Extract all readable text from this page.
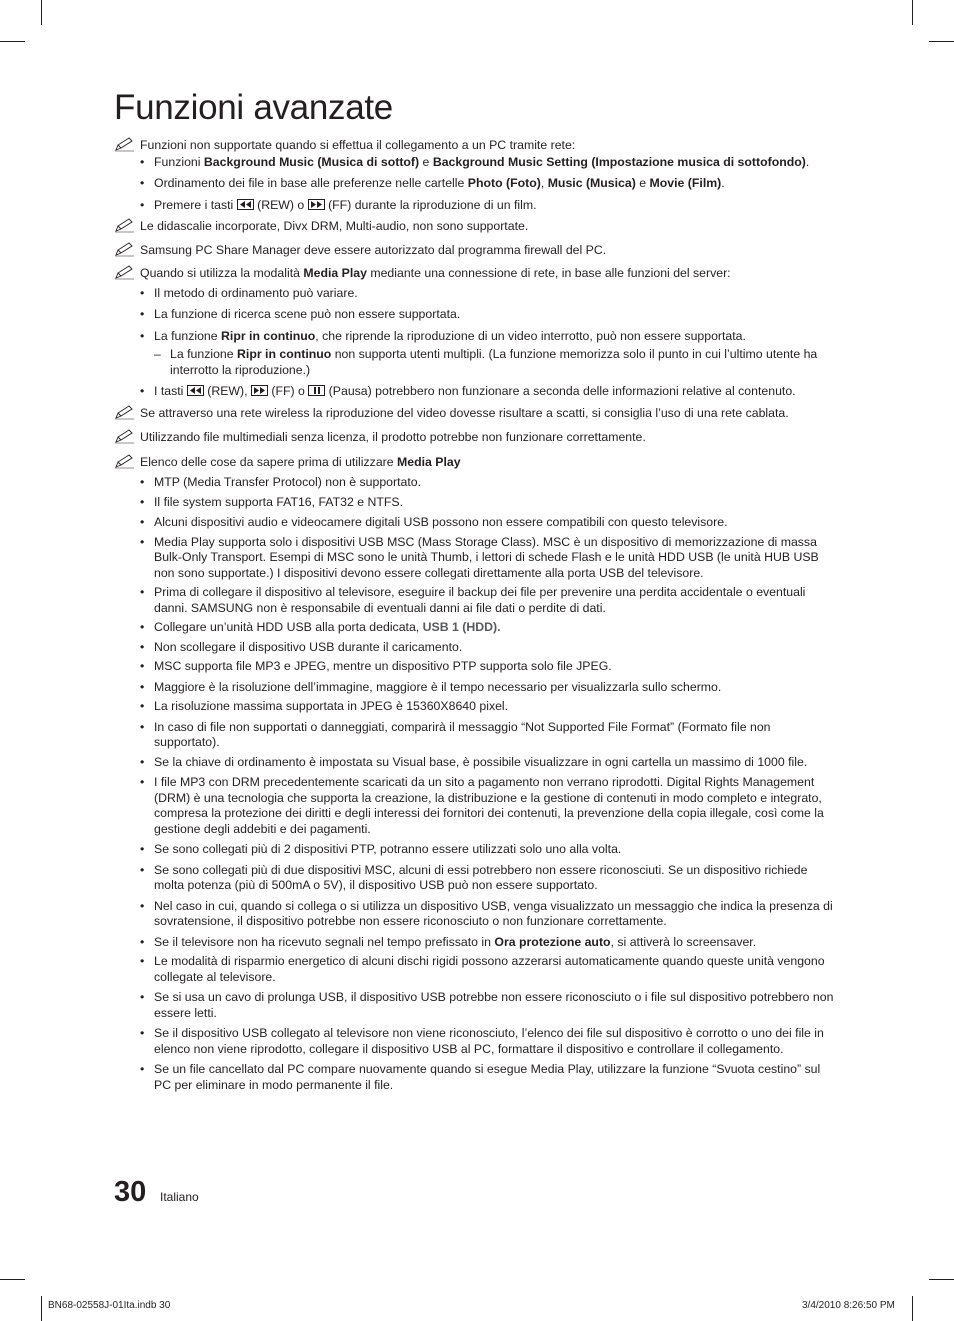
Funzioni avanzate
Funzioni non supportate quando si effettua il collegamento a un PC tramite rete:
• Funzioni Background Music (Musica di sottof) e Background Music Setting (Impostazione musica di sottofondo).
• Ordinamento dei file in base alle preferenze nelle cartelle Photo (Foto), Music (Musica) e Movie (Film).
• Premere i tasti
(REW) o
(FF) durante la riproduzione di un film.
Le didascalie incorporate, Divx DRM, Multi-audio, non sono supportate.
Samsung PC Share Manager deve essere autorizzato dal programma firewall del PC.
Quando si utilizza la modalità Media Play mediante una connessione di rete, in base alle funzioni del server:
• Il metodo di ordinamento può variare.
• La funzione di ricerca scene può non essere supportata.
• La funzione Ripr in continuo, che riprende la riproduzione di un video interrotto, può non essere supportata.
– La funzione Ripr in continuo non supporta utenti multipli. (La funzione memorizza solo il punto in cui l’ultimo utente ha interrotto la riproduzione.)
• I tasti
(REW),
(FF) o
(Pausa) potrebbero non funzionare a seconda delle informazioni relative al contenuto.
Se attraverso una rete wireless la riproduzione del video dovesse risultare a scatti, si consiglia l’uso di una rete cablata.
Utilizzando file multimediali senza licenza, il prodotto potrebbe non funzionare correttamente.
Elenco delle cose da sapere prima di utilizzare Media Play
• MTP (Media Transfer Protocol) non è supportato.
• Il file system supporta FAT16, FAT32 e NTFS.
• Alcuni dispositivi audio e videocamere digitali USB possono non essere compatibili con questo televisore.
• Media Play supporta solo i dispositivi USB MSC (Mass Storage Class). MSC è un dispositivo di memorizzazione di massa Bulk-Only Transport. Esempi di MSC sono le unità Thumb, i lettori di schede Flash e le unità HDD USB (le unità HUB USB non sono supportate.) I dispositivi devono essere collegati direttamente alla porta USB del televisore.
• Prima di collegare il dispositivo al televisore, eseguire il backup dei file per prevenire una perdita accidentale o eventuali danni. SAMSUNG non è responsabile di eventuali danni ai file dati o perdite di dati.
• Collegare un’unità HDD USB alla porta dedicata, USB 1 (HDD).
• Non scollegare il dispositivo USB durante il caricamento.
• MSC supporta file MP3 e JPEG, mentre un dispositivo PTP supporta solo file JPEG.
• Maggiore è la risoluzione dell’immagine, maggiore è il tempo necessario per visualizzarla sullo schermo.
• La risoluzione massima supportata in JPEG è 15360X8640 pixel.
• In caso di file non supportati o danneggiati, comparirà il messaggio “Not Supported File Format” (Formato file non supportato).
• Se la chiave di ordinamento è impostata su Visual base, è possibile visualizzare in ogni cartella un massimo di 1000 file.
• I file MP3 con DRM precedentemente scaricati da un sito a pagamento non verrano riprodotti. Digital Rights Management (DRM) è una tecnologia che supporta la creazione, la distribuzione e la gestione di contenuti in modo completo e integrato, compresa la protezione dei diritti e degli interessi dei fornitori dei contenuti, la prevenzione della copia illegale, così come la gestione degli addebiti e dei pagamenti.
• Se sono collegati più di 2 dispositivi PTP, potranno essere utilizzati solo uno alla volta.
• Se sono collegati più di due dispositivi MSC, alcuni di essi potrebbero non essere riconosciuti. Se un dispositivo richiede molta potenza (più di 500mA o 5V), il dispositivo USB può non essere supportato.
• Nel caso in cui, quando si collega o si utilizza un dispositivo USB, venga visualizzato un messaggio che indica la presenza di sovratensione, il dispositivo potrebbe non essere riconosciuto o non funzionare correttamente.
• Se il televisore non ha ricevuto segnali nel tempo prefissato in Ora protezione auto, si attiverà lo screensaver.
• Le modalità di risparmio energetico di alcuni dischi rigidi possono azzerarsi automaticamente quando queste unità vengono collegate al televisore.
• Se si usa un cavo di prolunga USB, il dispositivo USB potrebbe non essere riconosciuto o i file sul dispositivo potrebbero non essere letti.
• Se il dispositivo USB collegato al televisore non viene riconosciuto, l’elenco dei file sul dispositivo è corrotto o uno dei file in elenco non viene riprodotto, collegare il dispositivo USB al PC, formattare il dispositivo e controllare il collegamento.
• Se un file cancellato dal PC compare nuovamente quando si esegue Media Play, utilizzare la funzione “Svuota cestino” sul PC per eliminare in modo permanente il file.
30 Italiano
BN68-02558J-01Ita.indb 30	3/4/2010 8:26:50 PM
